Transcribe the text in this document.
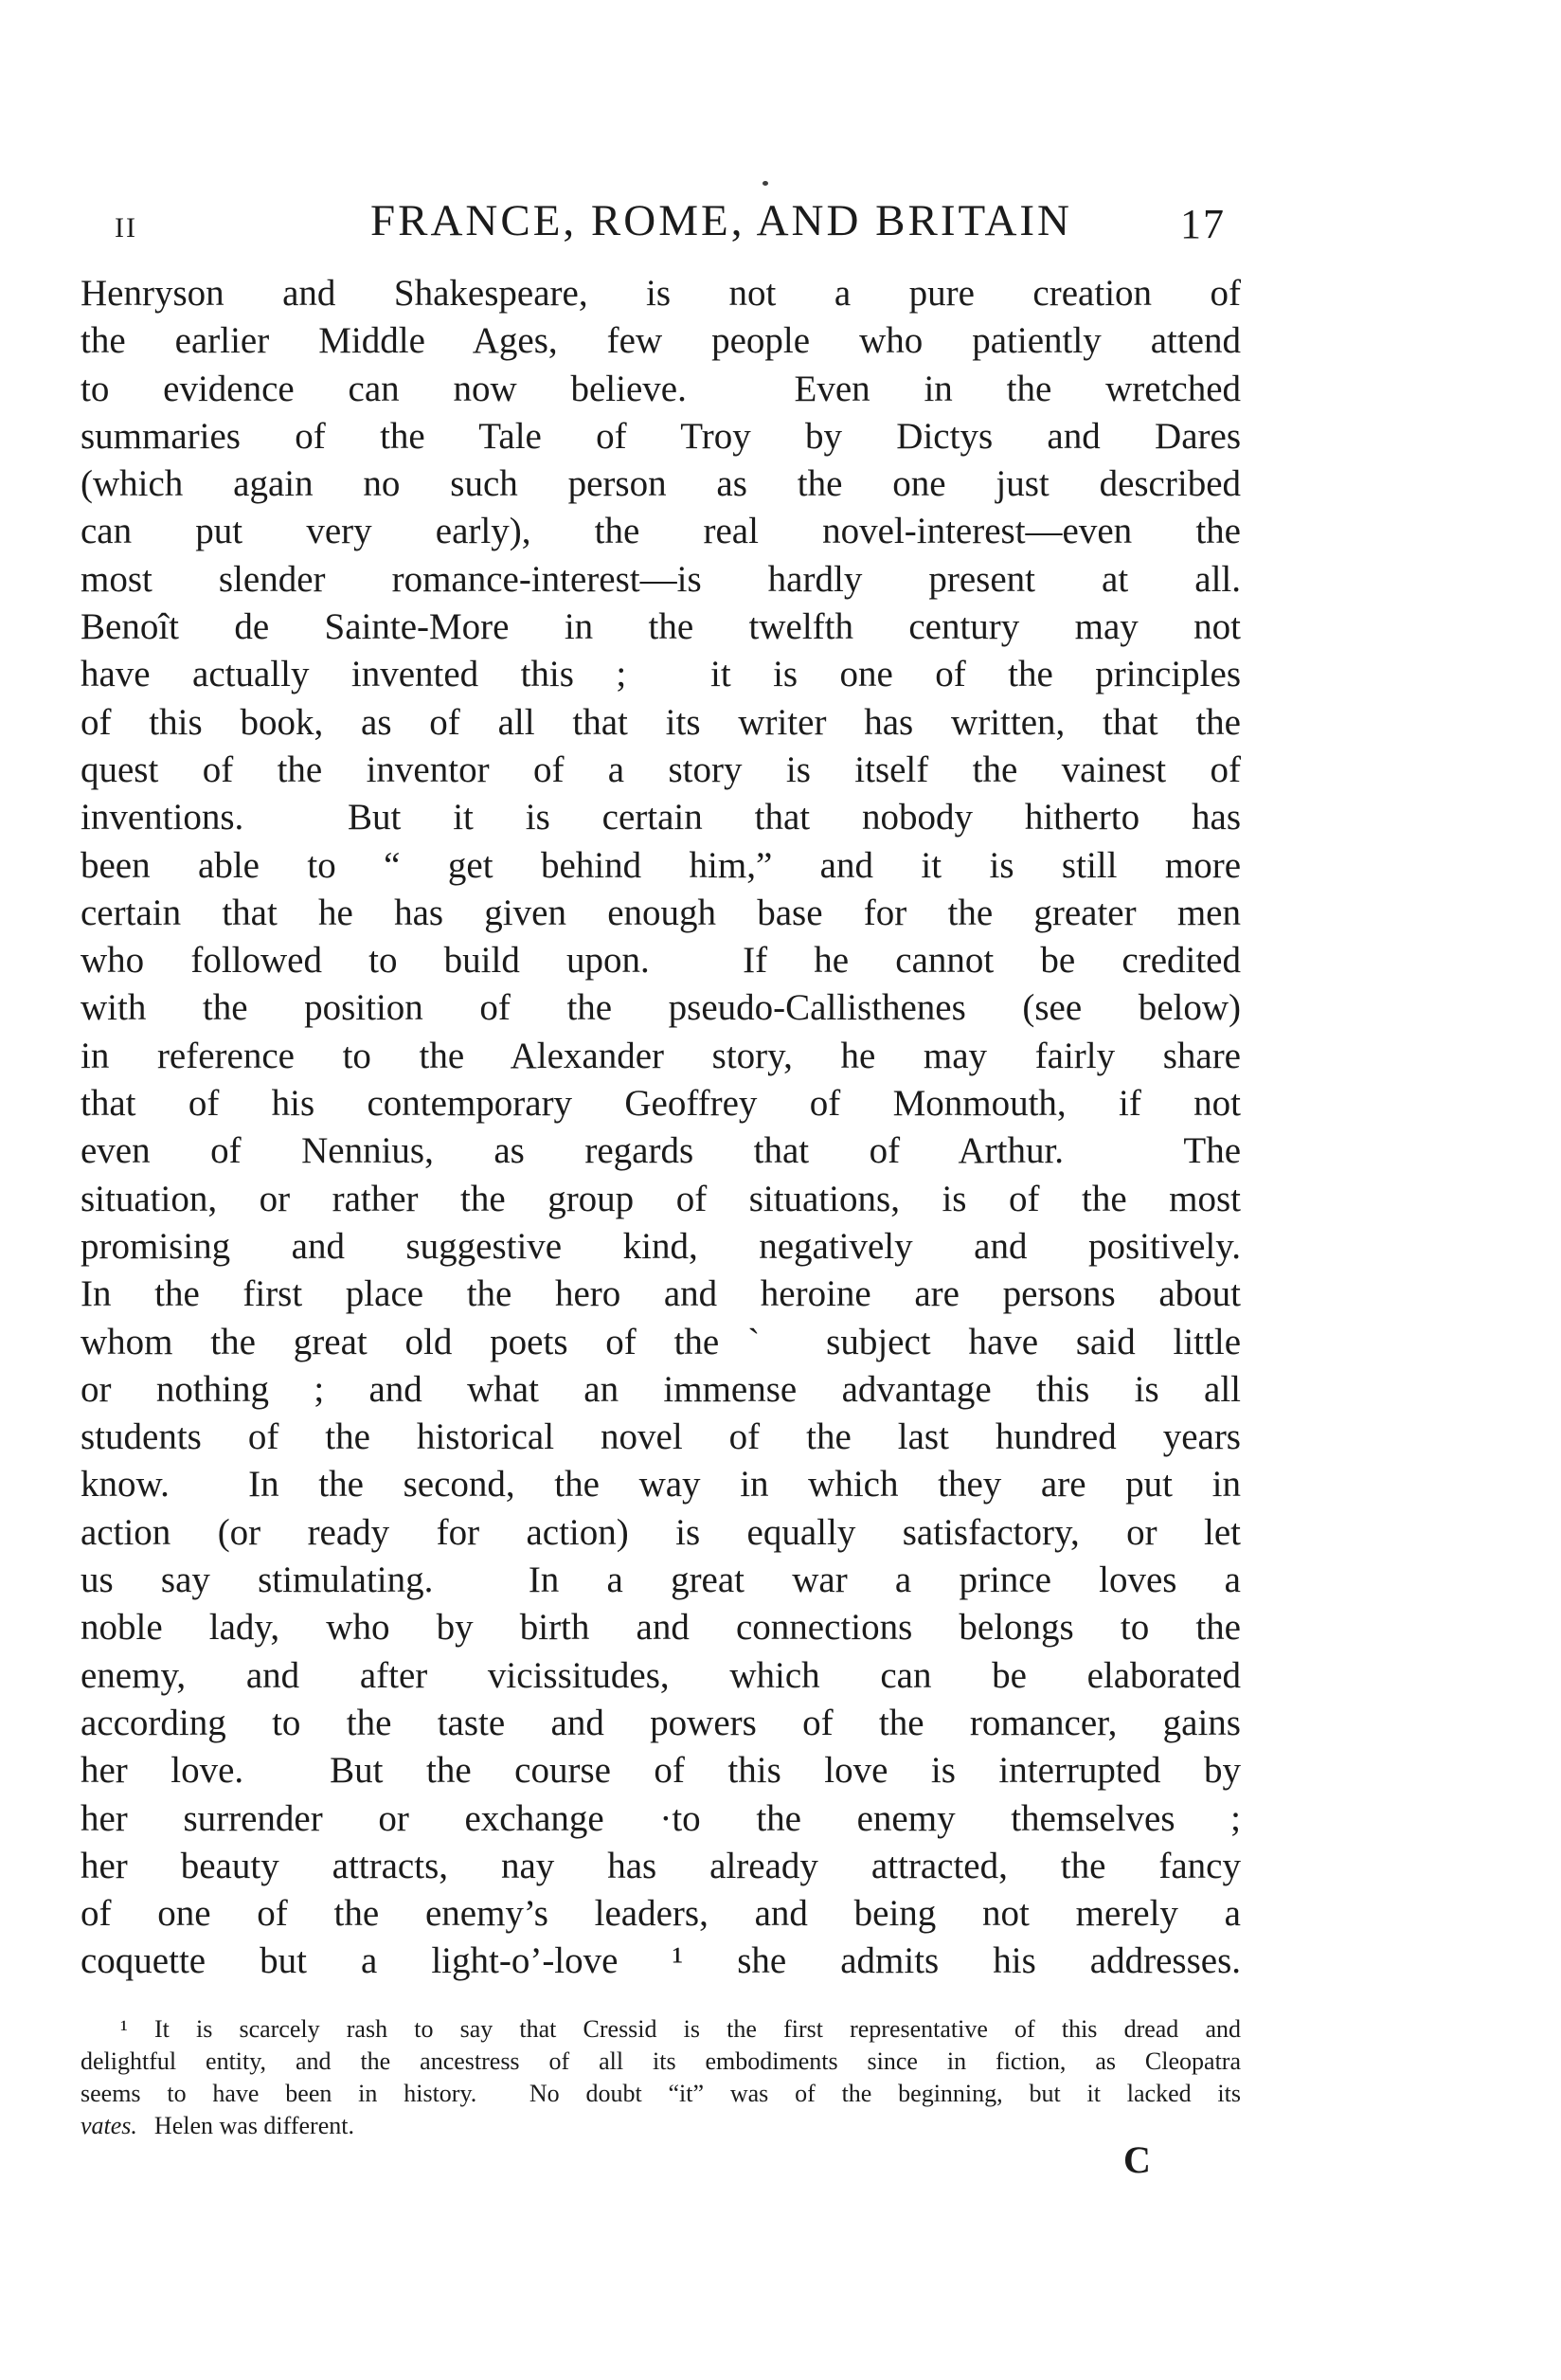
II	FRANCE, ROME, AND BRITAIN	17
Henryson and Shakespeare, is not a pure creation of
the earlier Middle Ages, few people who patiently attend
to evidence can now believe.  Even in the wretched
summaries of the Tale of Troy by Dictys and Dares
(which again no such person as the one just described
can put very early), the real novel-interest—even the
most slender romance-interest—is hardly present at all.
Benoît de Sainte-More in the twelfth century may not
have actually invented this ;  it is one of the principles
of this book, as of all that its writer has written, that the
quest of the inventor of a story is itself the vainest of
inventions.  But it is certain that nobody hitherto has
been able to “ get behind him,” and it is still more
certain that he has given enough base for the greater men
who followed to build upon.  If he cannot be credited
with the position of the pseudo-Callisthenes (see below)
in reference to the Alexander story, he may fairly share
that of his contemporary Geoffrey of Monmouth, if not
even of Nennius, as regards that of Arthur.  The
situation, or rather the group of situations, is of the most
promising and suggestive kind, negatively and positively.
In the first place the hero and heroine are persons about
whom the great old poets of theˋ subject have said little
or nothing ; and what an immense advantage this is all
students of the historical novel of the last hundred years
know.  In the second, the way in which they are put in
action (or ready for action) is equally satisfactory, or let
us say stimulating.  In a great war a prince loves a
noble lady, who by birth and connections belongs to the
enemy, and after vicissitudes, which can be elaborated
according to the taste and powers of the romancer, gains
her love.  But the course of this love is interrupted by
her surrender or exchange ·to the enemy themselves ;
her beauty attracts, nay has already attracted, the fancy
of one of the enemy’s leaders, and being not merely a
coquette but a light-o’-love ¹ she admits his addresses.
¹ It is scarcely rash to say that Cressid is the first representative of this dread and
delightful entity, and the ancestress of all its embodiments since in fiction, as Cleopatra
seems to have been in history.  No doubt “it” was of the beginning, but it lacked its
vates. Helen was different.
C
